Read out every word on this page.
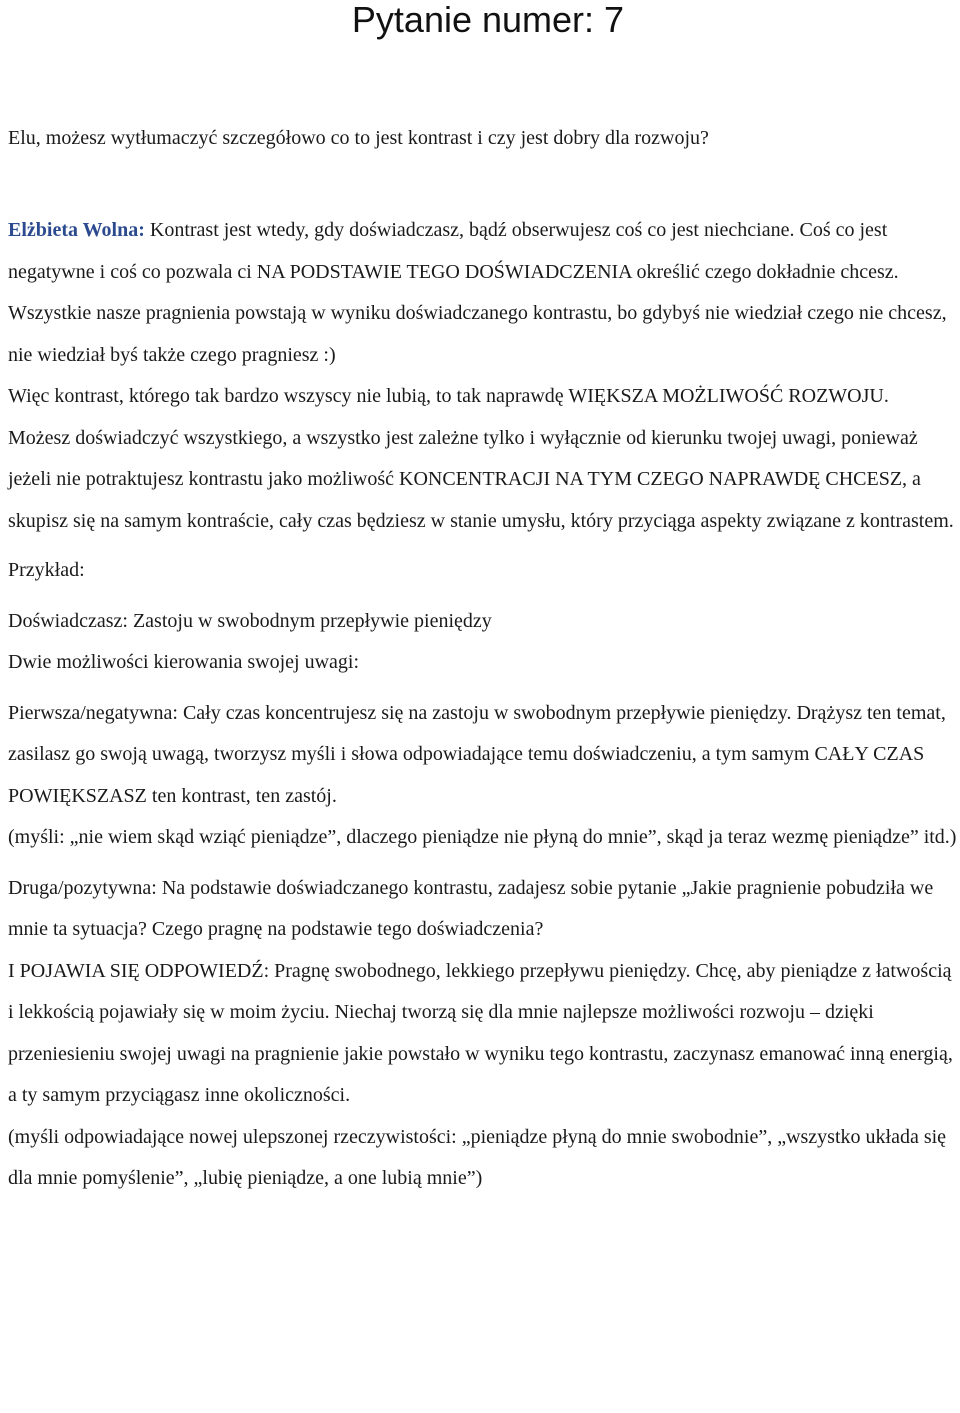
Pytanie numer: 7

Elu, możesz wytłumaczyć szczegółowo co to jest kontrast i czy jest dobry dla rozwoju?

Elżbieta Wolna: Kontrast jest wtedy, gdy doświadczasz, bądź obserwujesz coś co jest niechciane. Coś co jest negatywne i coś co pozwala ci NA PODSTAWIE TEGO DOŚWIADCZENIA określić czego dokładnie chcesz.

Wszystkie nasze pragnienia powstają w wyniku doświadczanego kontrastu, bo gdybyś nie wiedział czego nie chcesz, nie wiedział byś także czego pragniesz :)

Więc kontrast, którego tak bardzo wszyscy nie lubią, to tak naprawdę WIĘKSZA MOŻLIWOŚĆ ROZWOJU.

Możesz doświadczyć wszystkiego, a wszystko jest zależne tylko i wyłącznie od kierunku twojej uwagi, ponieważ jeżeli nie potraktujesz kontrastu jako możliwość KONCENTRACJI NA TYM CZEGO NAPRAWDĘ CHCESZ, a skupisz się na samym kontraście, cały czas będziesz w stanie umysłu, który przyciąga aspekty związane z kontrastem.

Przykład:

Doświadczasz: Zastoju w swobodnym przepływie pieniędzy

Dwie możliwości kierowania swojej uwagi:

Pierwsza/negatywna: Cały czas koncentrujesz się na zastoju w swobodnym przepływie pieniędzy. Drążysz ten temat, zasilasz go swoją uwagą, tworzysz myśli i słowa odpowiadające temu doświadczeniu, a tym samym CAŁY CZAS POWIĘKSZASZ ten kontrast, ten zastój.

(myśli: „nie wiem skąd wziąć pieniądze”, dlaczego pieniądze nie płyną do mnie”, skąd ja teraz wezmę pieniądze” itd.)

Druga/pozytywna: Na podstawie doświadczanego kontrastu, zadajesz sobie pytanie „Jakie pragnienie pobudziła we mnie ta sytuacja? Czego pragnę na podstawie tego doświadczenia?

I POJAWIA SIĘ ODPOWIEDŹ: Pragnę swobodnego, lekkiego przepływu pieniędzy. Chcę, aby pieniądze z łatwością i lekkością pojawiały się w moim życiu. Niechaj tworzą się dla mnie najlepsze możliwości rozwoju – dzięki przeniesieniu swojej uwagi na pragnienie jakie powstało w wyniku tego kontrastu, zaczynasz emanować inną energią, a ty samym przyciągasz inne okoliczności.

(myśli odpowiadające nowej ulepszonej rzeczywistości: „pieniądze płyną do mnie swobodnie”, „wszystko układa się dla mnie pomyślenie”, „lubię pieniądze, a one lubią mnie”)
